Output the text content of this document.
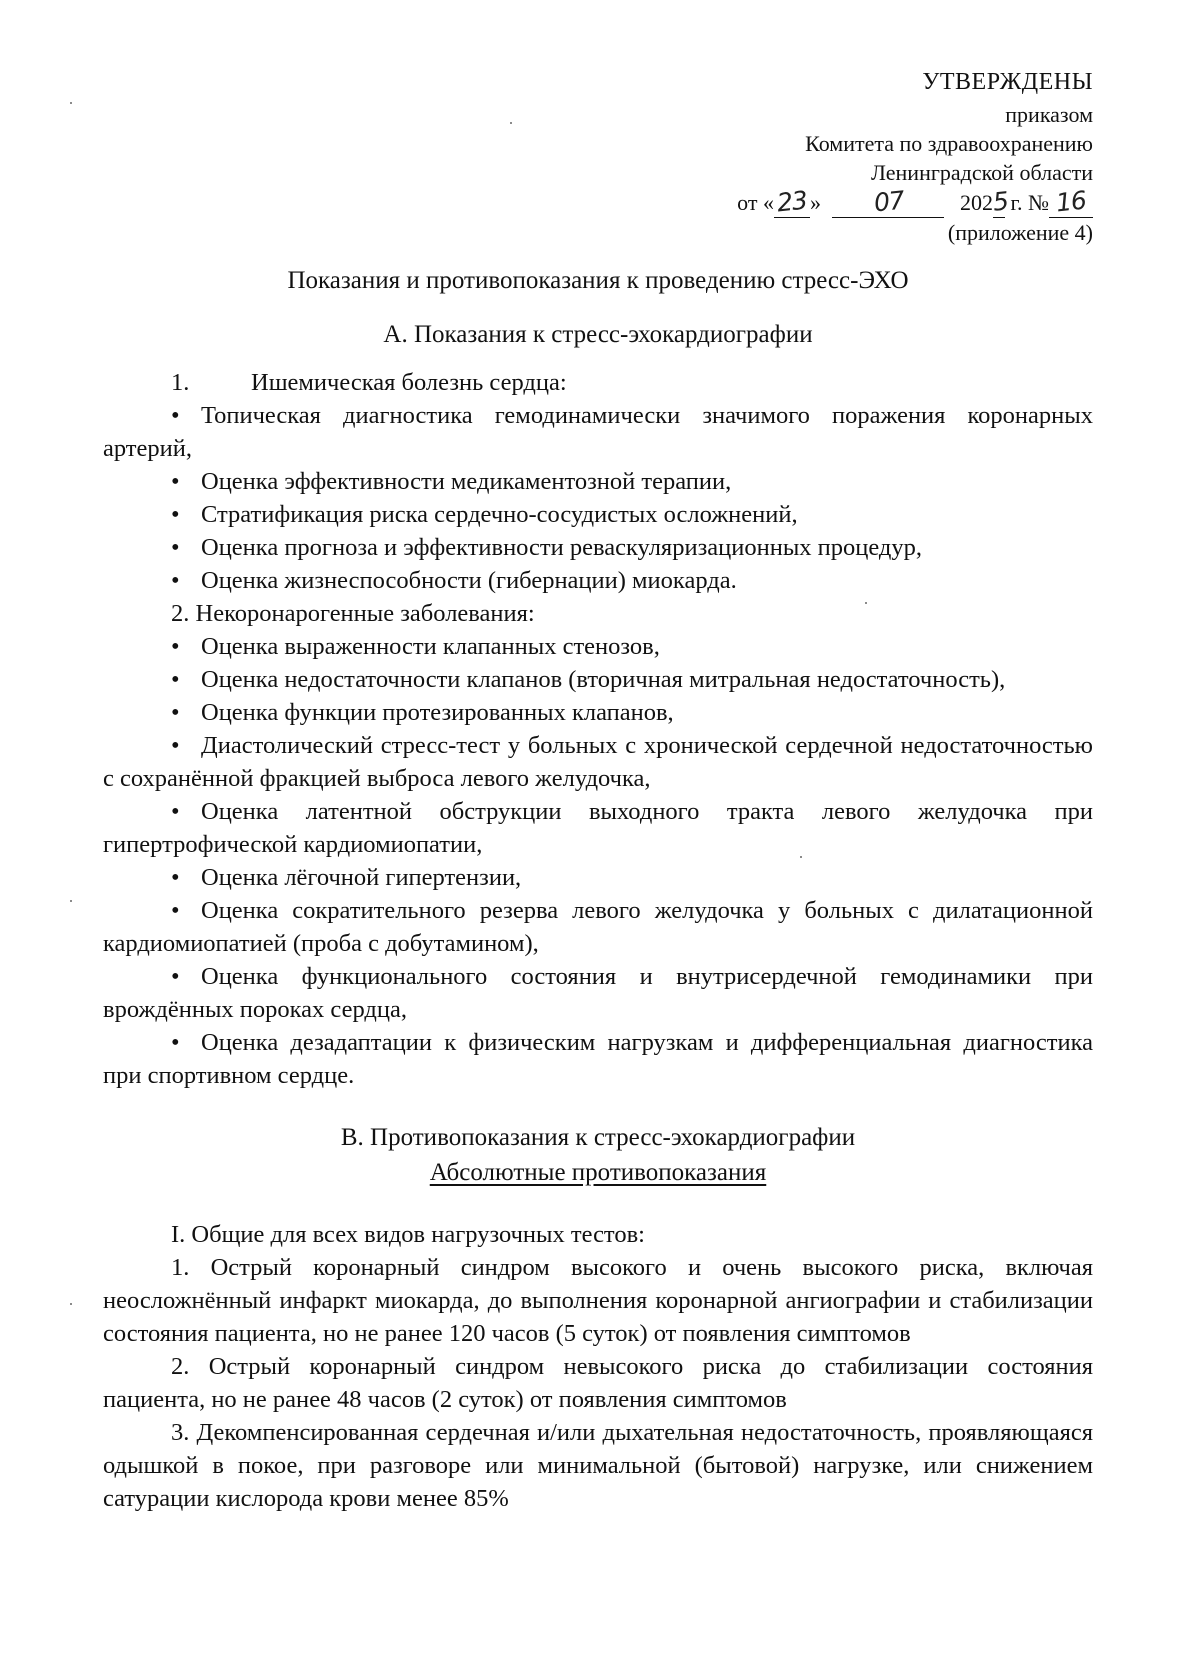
УТВЕРЖДЕНЫ
приказом
Комитета по здравоохранению
Ленинградской области
от «23» 07	2025 г. № 16
(приложение 4)
Показания и противопоказания к проведению стресс-ЭХО
А. Показания к стресс-эхокардиографии
1.	Ишемическая болезнь сердца:
• Топическая диагностика гемодинамически значимого поражения коронарных артерий,
• Оценка эффективности медикаментозной терапии,
• Стратификация риска сердечно-сосудистых осложнений,
• Оценка прогноза и эффективности реваскуляризационных процедур,
• Оценка жизнеспособности (гибернации) миокарда.
2. Некоронарогенные заболевания:
• Оценка выраженности клапанных стенозов,
• Оценка недостаточности клапанов (вторичная митральная недостаточность),
• Оценка функции протезированных клапанов,
• Диастолический стресс-тест у больных с хронической сердечной недостаточностью с сохранённой фракцией выброса левого желудочка,
• Оценка латентной обструкции выходного тракта левого желудочка при гипертрофической кардиомиопатии,
• Оценка лёгочной гипертензии,
• Оценка сократительного резерва левого желудочка у больных с дилатационной кардиомиопатией (проба с добутамином),
• Оценка функционального состояния и внутрисердечной гемодинамики при врождённых пороках сердца,
• Оценка дезадаптации к физическим нагрузкам и дифференциальная диагностика при спортивном сердце.
В. Противопоказания к стресс-эхокардиографии
Абсолютные противопоказания
I. Общие для всех видов нагрузочных тестов:
1. Острый коронарный синдром высокого и очень высокого риска, включая неосложнённый инфаркт миокарда, до выполнения коронарной ангиографии и стабилизации состояния пациента, но не ранее 120 часов (5 суток) от появления симптомов
2. Острый коронарный синдром невысокого риска до стабилизации состояния пациента, но не ранее 48 часов (2 суток) от появления симптомов
3. Декомпенсированная сердечная и/или дыхательная недостаточность, проявляющаяся одышкой в покое, при разговоре или минимальной (бытовой) нагрузке, или снижением сатурации кислорода крови менее 85%
